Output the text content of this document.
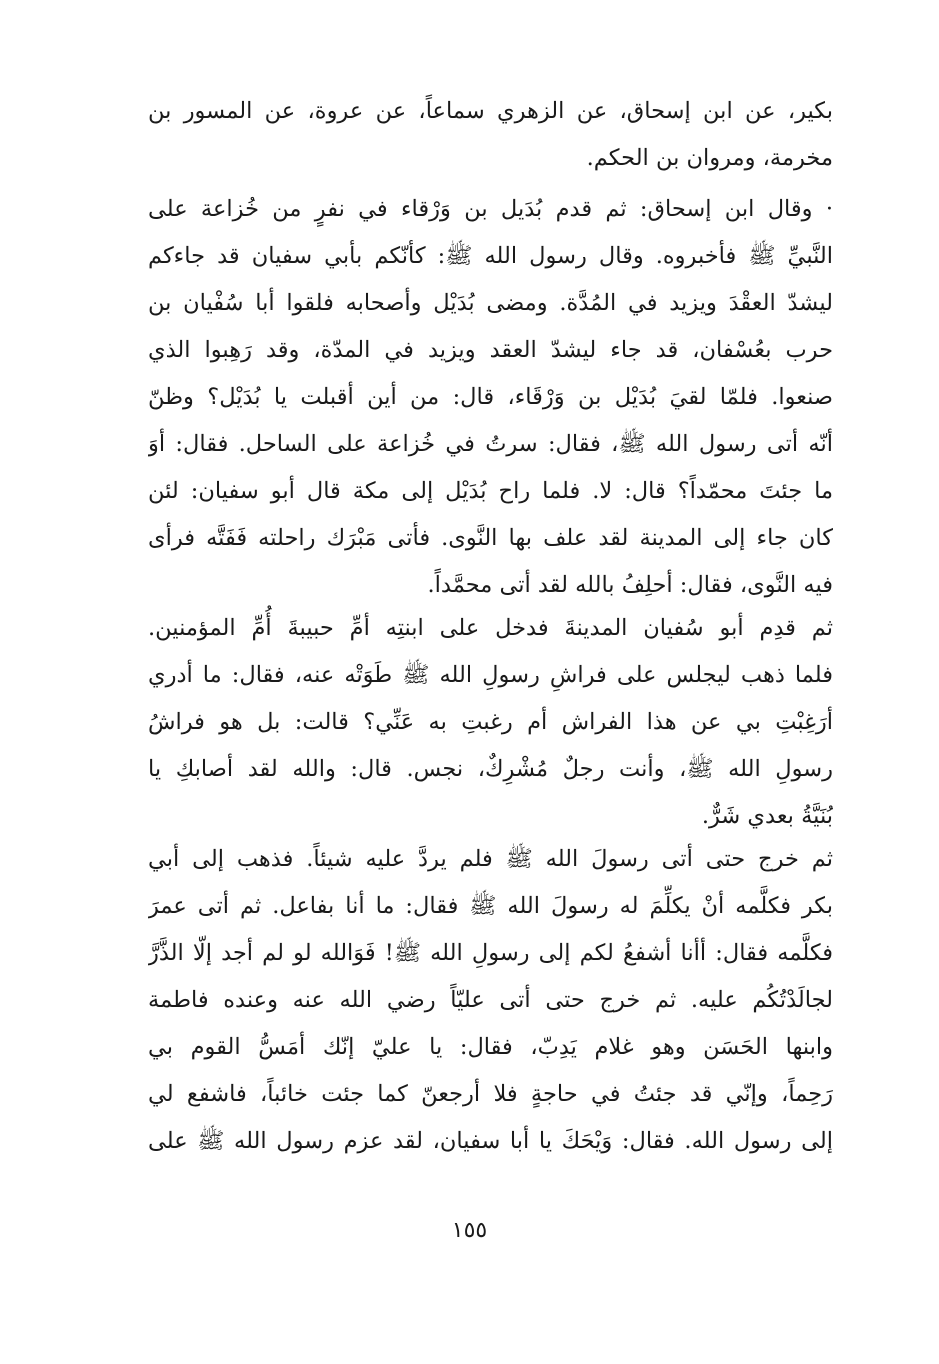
بكير، عن ابن إسحاق، عن الزهري سماعاً، عن عروة، عن المسور بن
مخرمة، ومروان بن الحكم.
· وقال ابن إسحاق: ثم قدم بُدَيل بن وَرْقاء في نفرٍ من خُزاعة على
النَّبيِّ ﷺ فأخبروه. وقال رسول الله ﷺ: كأنّكم بأبي سفيان قد جاءكم
ليشدّ العقْدَ ويزيد في المُدَّة. ومضى بُدَيْل وأصحابه فلقوا أبا سُفْيان بن
حرب بعُسْفان، قد جاء ليشدّ العقد ويزيد في المدّة، وقد رَهِبوا الذي
صنعوا. فلمّا لقيَ بُدَيْل بن وَرْقَاء، قال: من أين أقبلت يا بُدَيْل؟ وظنّ
أنّه أتى رسول الله ﷺ، فقال: سرتُ في خُزاعة على الساحل. فقال: أوَ
ما جئتَ محمّداً؟ قال: لا. فلما راح بُدَيْل إلى مكة قال أبو سفيان: لئن
كان جاء إلى المدينة لقد علف بها النَّوى. فأتى مَبْرَك راحلته فَفَتَّه فرأى
فيه النَّوى، فقال: أحلِفُ بالله لقد أتى محمَّداً.
ثم قدِم أبو سُفيان المدينةَ فدخل على ابنتِه أمِّ حبيبةَ أُمِّ المؤمنين.
فلما ذهب ليجلس على فراشِ رسولِ الله ﷺ طَوَتْه عنه، فقال: ما أدري
أرَغِبْتِ بي عن هذا الفراش أم رغبتِ به عَنِّي؟ قالت: بل هو فراشُ
رسولِ الله ﷺ، وأنت رجلٌ مُشْرِكٌ، نجس. قال: والله لقد أصابكِ يا
بُنَيَّةُ بعدي شَرٌّ.
ثم خرج حتى أتى رسولَ الله ﷺ فلم يردَّ عليه شيئاً. فذهب إلى أبي
بكر فكلَّمه أنْ يكلِّمَ له رسولَ الله ﷺ فقال: ما أنا بفاعل. ثم أتى عمرَ
فكلَّمه فقال: أأنا أشفعُ لكم إلى رسولِ الله ﷺ! فَوَالله لو لم أجد إلّا الذَّرَّ
لجالَدْتُكُم عليه. ثم خرج حتى أتى عليّاً رضي الله عنه وعنده فاطمة
وابنها الحَسَن وهو غلام يَدِبّ، فقال: يا عليّ إنّك أمَسُّ القوم بي
رَحِماً، وإنّي قد جئتُ في حاجةٍ فلا أرجعنّ كما جئت خائباً، فاشفع لي
إلى رسول الله. فقال: وَيْحَكَ يا أبا سفيان، لقد عزم رسول الله ﷺ على
١٥٥
